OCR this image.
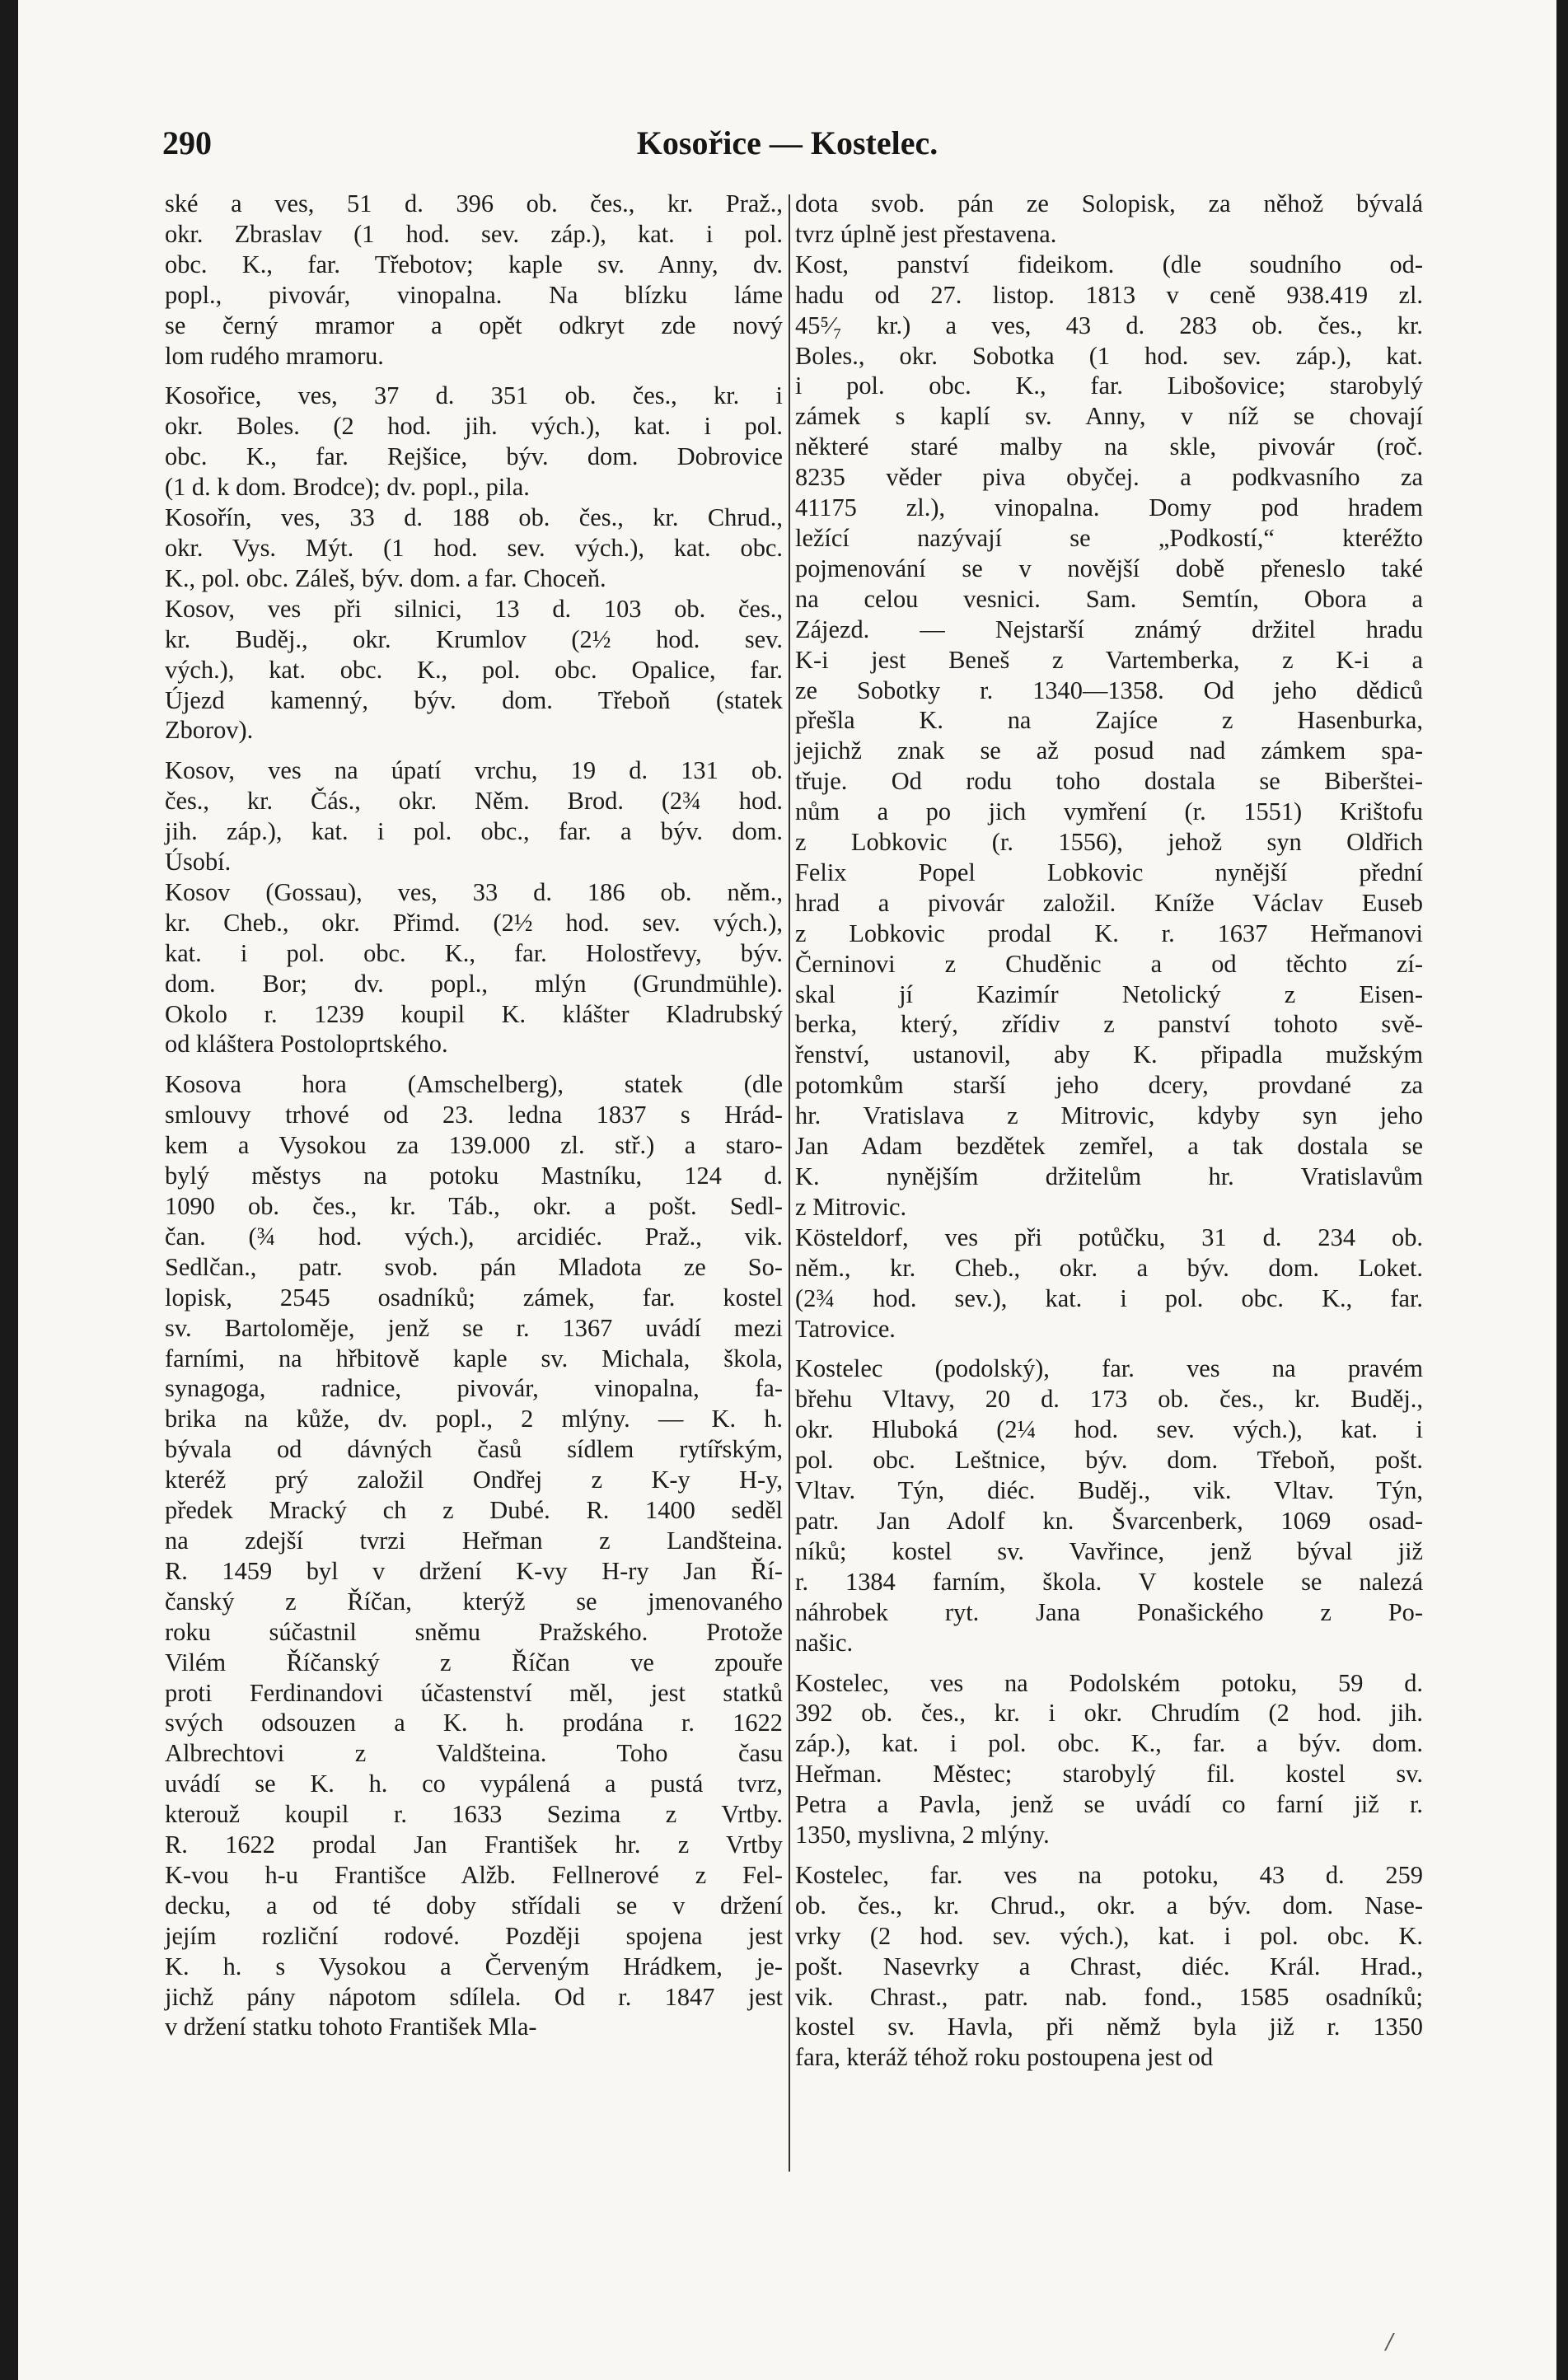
290	Kosořice — Kostelec.
ské a ves, 51 d. 396 ob. čes., kr. Praž.,
okr. Zbraslav (1 hod. sev. záp.), kat. i pol.
obc. K., far. Třebotov; kaple sv. Anny, dv.
popl., pivovár, vinopalna. Na blízku láme
se černý mramor a opět odkryt zde nový
lom rudého mramoru.
Kosořice, ves, 37 d. 351 ob. čes., kr. i
okr. Boles. (2 hod. jih. vých.), kat. i pol.
obc. K., far. Rejšice, býv. dom. Dobrovice
(1 d. k dom. Brodce); dv. popl., pila.
Kosořín, ves, 33 d. 188 ob. čes., kr. Chrud.,
okr. Vys. Mýt. (1 hod. sev. vých.), kat. obc.
K., pol. obc. Záleš, býv. dom. a far. Choceň.
Kosov, ves při silnici, 13 d. 103 ob. čes.,
kr. Buděj., okr. Krumlov (2½ hod. sev.
vých.), kat. obc. K., pol. obc. Opalice, far.
Újezd kamenný, býv. dom. Třeboň (statek
Zborov).
Kosov, ves na úpatí vrchu, 19 d. 131 ob.
čes., kr. Čás., okr. Něm. Brod. (2¾ hod.
jih. záp.), kat. i pol. obc., far. a býv. dom.
Úsobí.
Kosov (Gossau), ves, 33 d. 186 ob. něm.,
kr. Cheb., okr. Přimd. (2½ hod. sev. vých.),
kat. i pol. obc. K., far. Holostřevy, býv.
dom. Bor; dv. popl., mlýn (Grundmühle).
Okolo r. 1239 koupil K. klášter Kladrubský
od kláštera Postoloprtského.
Kosova hora (Amschelberg), statek (dle
smlouvy trhové od 23. ledna 1837 s Hrád-
kem a Vysokou za 139.000 zl. stř.) a staro-
bylý městys na potoku Mastníku, 124 d.
1090 ob. čes., kr. Táb., okr. a pošt. Sedl-
čan. (¾ hod. vých.), arcidiéc. Praž., vik.
Sedlčan., patr. svob. pán Mladota ze So-
lopisk, 2545 osadníků; zámek, far. kostel
sv. Bartoloměje, jenž se r. 1367 uvádí mezi
farními, na hřbitově kaple sv. Michala, škola,
synagoga, radnice, pivovár, vinopalna, fa-
brika na kůže, dv. popl., 2 mlýny. — K. h.
bývala od dávných časů sídlem rytířským,
kteréž prý založil Ondřej z K-y H-y,
předek Mracký ch z Dubé. R. 1400 seděl
na zdejší tvrzi Heřman z Landšteina.
R. 1459 byl v držení K-vy H-ry Jan Ří-
čanský z Říčan, kterýž se jmenovaného
roku súčastnil sněmu Pražského. Protože
Vilém Říčanský z Říčan ve zpouře
proti Ferdinandovi účastenství měl, jest statků
svých odsouzen a K. h. prodána r. 1622
Albrechtovi z Valdšteina. Toho času
uvádí se K. h. co vypálená a pustá tvrz,
kterouž koupil r. 1633 Sezima z Vrtby.
R. 1622 prodal Jan František hr. z Vrtby
K-vou h-u Františce Alžb. Fellnerové z Fel-
decku, a od té doby střídali se v držení
jejím rozliční rodové. Později spojena jest
K. h. s Vysokou a Červeným Hrádkem, je-
jichž pány nápotom sdílela. Od r. 1847 jest
v držení statku tohoto František Mla-
dota svob. pán ze Solopisk, za něhož bývalá
tvrz úplně jest přestavena.
Kost, panství fideikom. (dle soudního od-
hadu od 27. listop. 1813 v ceně 938.419 zl.
45⁵⁄₇ kr.) a ves, 43 d. 283 ob. čes., kr.
Boles., okr. Sobotka (1 hod. sev. záp.), kat.
i pol. obc. K., far. Libošovice; starobylý
zámek s kaplí sv. Anny, v níž se chovají
některé staré malby na skle, pivovár (roč.
8235 věder piva obyčej. a podkvasního za
41175 zl.), vinopalna. Domy pod hradem
ležící nazývají se „Podkostí,“ kteréžto
pojmenování se v novější době přeneslo také
na celou vesnici. Sam. Semtín, Obora a
Zájezd. — Nejstarší známý držitel hradu
K-i jest Beneš z Vartemberka, z K-i a
ze Sobotky r. 1340—1358. Od jeho dědiců
přešla K. na Zajíce z Hasenburka,
jejichž znak se až posud nad zámkem spa-
třuje. Od rodu toho dostala se Biberštei-
nům a po jich vymření (r. 1551) Krištofu
z Lobkovic (r. 1556), jehož syn Oldřich
Felix Popel Lobkovic nynější přední
hrad a pivovár založil. Kníže Václav Euseb
z Lobkovic prodal K. r. 1637 Heřmanovi
Černinovi z Chuděnic a od těchto zí-
skal jí Kazimír Netolický z Eisen-
berka, který, zřídiv z panství tohoto svě-
řenství, ustanovil, aby K. připadla mužským
potomkům starší jeho dcery, provdané za
hr. Vratislava z Mitrovic, kdyby syn jeho
Jan Adam bezdětek zemřel, a tak dostala se
K. nynějším držitelům hr. Vratislavům
z Mitrovic.
Kösteldorf, ves při potůčku, 31 d. 234 ob.
něm., kr. Cheb., okr. a býv. dom. Loket.
(2¾ hod. sev.), kat. i pol. obc. K., far.
Tatrovice.
Kostelec (podolský), far. ves na pravém
břehu Vltavy, 20 d. 173 ob. čes., kr. Buděj.,
okr. Hluboká (2¼ hod. sev. vých.), kat. i
pol. obc. Leštnice, býv. dom. Třeboň, pošt.
Vltav. Týn, diéc. Buděj., vik. Vltav. Týn,
patr. Jan Adolf kn. Švarcenberk, 1069 osad-
níků; kostel sv. Vavřince, jenž býval již
r. 1384 farním, škola. V kostele se nalezá
náhrobek ryt. Jana Ponašického z Po-
našic.
Kostelec, ves na Podolském potoku, 59 d.
392 ob. čes., kr. i okr. Chrudím (2 hod. jih.
záp.), kat. i pol. obc. K., far. a býv. dom.
Heřman. Městec; starobylý fil. kostel sv.
Petra a Pavla, jenž se uvádí co farní již r.
1350, myslivna, 2 mlýny.
Kostelec, far. ves na potoku, 43 d. 259
ob. čes., kr. Chrud., okr. a býv. dom. Nase-
vrky (2 hod. sev. vých.), kat. i pol. obc. K.
pošt. Nasevrky a Chrast, diéc. Král. Hrad.,
vik. Chrast., patr. nab. fond., 1585 osadníků;
kostel sv. Havla, při němž byla již r. 1350
fara, kteráž téhož roku postoupena jest od
/
